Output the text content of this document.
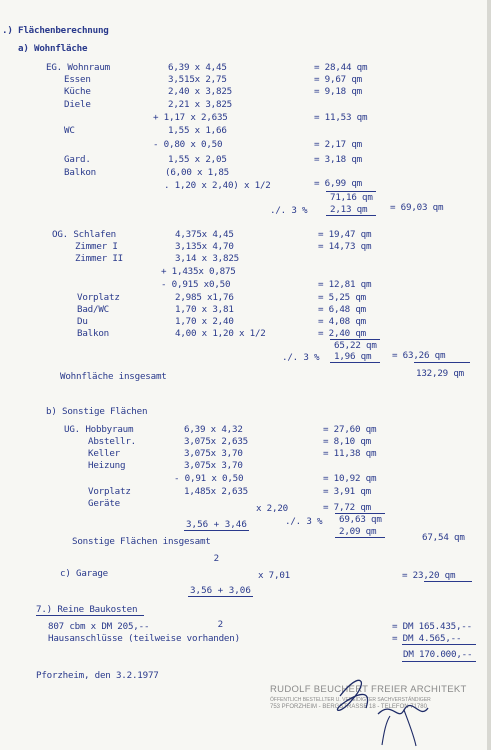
.) Flächenberechnung
a) Wohnfläche
EG. Wohnraum	6,39 x 4,45	= 28,44 qm
Essen	3,515x 2,75	= 9,67 qm
Küche	2,40 x 3,825	= 9,18 qm
Diele	2,21 x 3,825
+ 1,17 x 2,635	= 11,53 qm
WC	1,55 x 1,66
- 0,80 x 0,50	= 2,17 qm
Gard.	1,55 x 2,05	= 3,18 qm
Balkon	(6,00 x 1,85
. 1,20 x 2,40) x 1/2	= 6,99 qm
71,16 qm
./. 3 % 2,13 qm = 69,03 qm
OG. Schlafen	4,375x 4,45	= 19,47 qm
Zimmer I	3,135x 4,70	= 14,73 qm
Zimmer II	3,14 x 3,825
+ 1,435x 0,875
- 0,915 x0,50	= 12,81 qm
Vorplatz	2,985 x1,76	= 5,25 qm
Bad/WC	1,70 x 3,81	= 6,48 qm
Du	1,70 x 2,40	= 4,08 qm
Balkon	4,00 x 1,20 x 1/2	= 2,40 qm
65,22 qm
./. 3 % 1,96 qm = 63,26 qm
Wohnfläche insgesamt	132,29 qm
b) Sonstige Flächen
UG. Hobbyraum	6,39 x 4,32	= 27,60 qm
Abstellr.	3,075x 2,635	= 8,10 qm
Keller	3,075x 3,70	= 11,38 qm
Heizung	3,075x 3,70
- 0,91 x 0,50	= 10,92 qm
Vorplatz	1,485x 2,635	= 3,91 qm
Geräte

	$\frac{3,56 + 3,46}{2}$

x 2,20	= 7,72 qm
69,63 qm
./. 3 %
2,09 qm
Sonstige Flächen insgesamt	67,54 qm
c) Garage

	$\frac{3,56 + 3,06}{2}$ x 7,01	= 23,20 qm
7.) Reine Baukosten
807 cbm x DM 205,--	= DM 165.435,--
Hausanschlüsse (teilweise vorhanden)	= DM 4.565,--
DM 170.000,--
Pforzheim, den 3.2.1977
RUDOLF BEUCHERT FREIER ARCHITEKT
ÖFFENTLICH BESTELLTER U. VEREIDIGTER SACHVERSTÄNDIGER
753 PFORZHEIM - BERGSTRASSE 18 - TELEFON 71780
